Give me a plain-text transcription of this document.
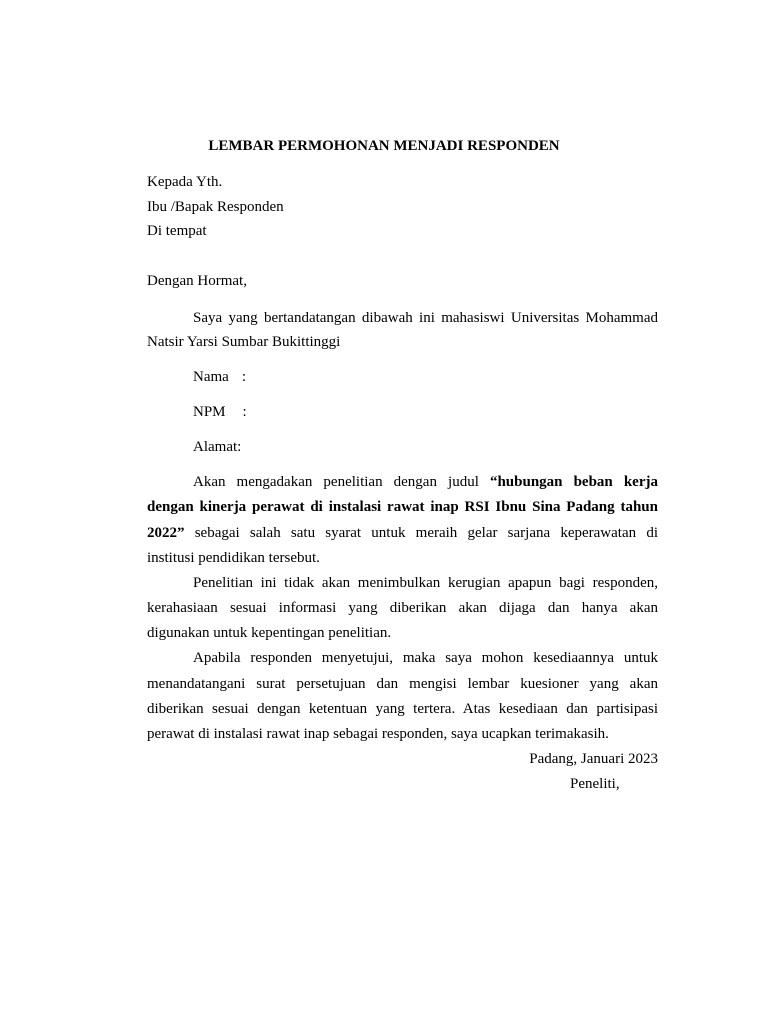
LEMBAR PERMOHONAN MENJADI RESPONDEN
Kepada Yth.
Ibu /Bapak Responden
Di tempat
Dengan Hormat,
Saya yang bertandatangan dibawah ini mahasiswi Universitas Mohammad
Natsir Yarsi Sumbar Bukittinggi
Nama :
NPM :
Alamat:
Akan mengadakan penelitian dengan judul “hubungan beban kerja
dengan kinerja perawat di instalasi rawat inap RSI Ibnu Sina Padang tahun
2022” sebagai salah satu syarat untuk meraih gelar sarjana keperawatan di
institusi pendidikan tersebut.
Penelitian ini tidak akan menimbulkan kerugian apapun bagi responden,
kerahasiaan sesuai informasi yang diberikan akan dijaga dan hanya akan
digunakan untuk kepentingan penelitian.
Apabila responden menyetujui, maka saya mohon kesediaannya untuk
menandatangani surat persetujuan dan mengisi lembar kuesioner yang akan
diberikan sesuai dengan ketentuan yang tertera. Atas kesediaan dan partisipasi
perawat di instalasi rawat inap sebagai responden, saya ucapkan terimakasih.
Padang, Januari 2023
Peneliti,
